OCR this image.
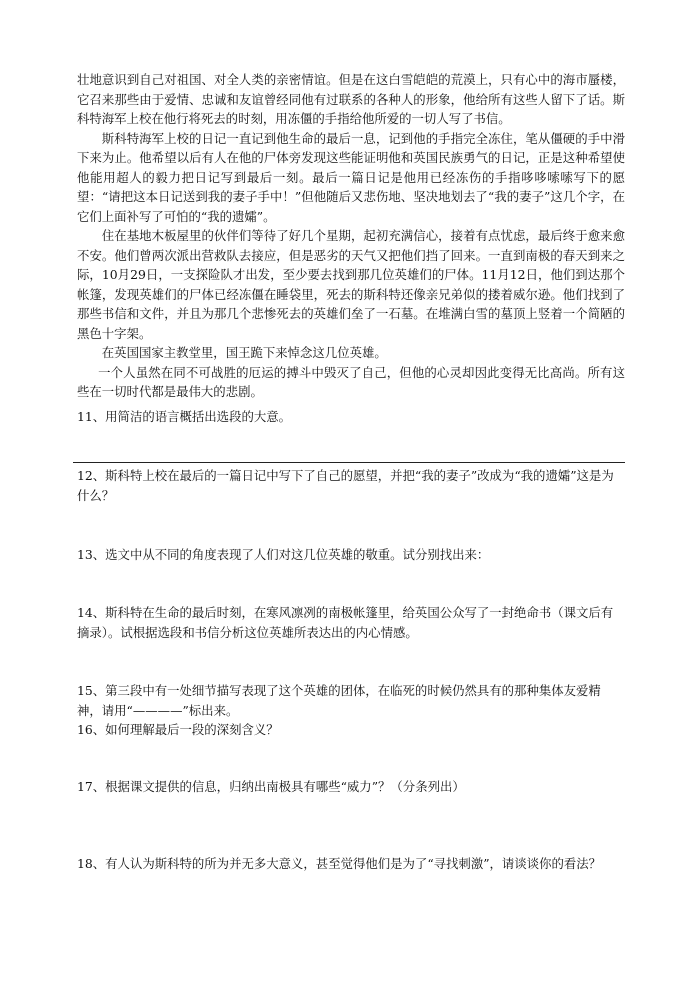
壮地意识到自己对祖国、对全人类的亲密情谊。但是在这白雪皑皑的荒漠上，只有心中的海市蜃楼，它召来那些由于爱情、忠诚和友谊曾经同他有过联系的各种人的形象，他给所有这些人留下了话。斯科特海军上校在他行将死去的时刻，用冻僵的手指给他所爱的一切人写了书信。

斯科特海军上校的日记一直记到他生命的最后一息，记到他的手指完全冻住，笔从僵硬的手中滑下来为止。他希望以后有人在他的尸体旁发现这些能证明他和英国民族勇气的日记，正是这种希望使他能用超人的毅力把日记写到最后一刻。最后一篇日记是他用已经冻伤的手指哆哆嗦嗦写下的愿望：“请把这本日记送到我的妻子手中！”但他随后又悲伤地、坚决地划去了“我的妻子”这几个字，在它们上面补写了可怕的“我的遗孀”。

住在基地木板屋里的伙伴们等待了好几个星期，起初充满信心，接着有点忧虑，最后终于愈来愈不安。他们曾两次派出营救队去接应，但是恶劣的天气又把他们挡了回来。一直到南极的春天到来之际，10月29日，一支探险队才出发，至少要去找到那几位英雄们的尸体。11月12日，他们到达那个帐篷，发现英雄们的尸体已经冻僵在睡袋里，死去的斯科特还像亲兄弟似的搂着威尔逊。他们找到了那些书信和文件，并且为那几个悲惨死去的英雄们垒了一石墓。在堆满白雪的墓顶上竖着一个简陋的黑色十字架。

在英国国家主教堂里，国王跪下来悼念这几位英雄。

一个人虽然在同不可战胜的厄运的搏斗中毁灭了自己，但他的心灵却因此变得无比高尚。所有这些在一切时代都是最伟大的悲剧。

11、用简洁的语言概括出选段的大意。

12、斯科特上校在最后的一篇日记中写下了自己的愿望，并把“我的妻子”改成为“我的遗孀”这是为什么？

13、选文中从不同的角度表现了人们对这几位英雄的敬重。试分别找出来：

14、斯科特在生命的最后时刻，在寒风凛冽的南极帐篷里，给英国公众写了一封绝命书（课文后有摘录）。试根据选段和书信分析这位英雄所表达出的内心情感。

15、第三段中有一处细节描写表现了这个英雄的团体，在临死的时候仍然具有的那种集体友爱精神，请用“————”标出来。

16、如何理解最后一段的深刻含义？

17、根据课文提供的信息，归纳出南极具有哪些“威力”？（分条列出）

18、有人认为斯科特的所为并无多大意义，甚至觉得他们是为了“寻找刺激”，请谈谈你的看法？
